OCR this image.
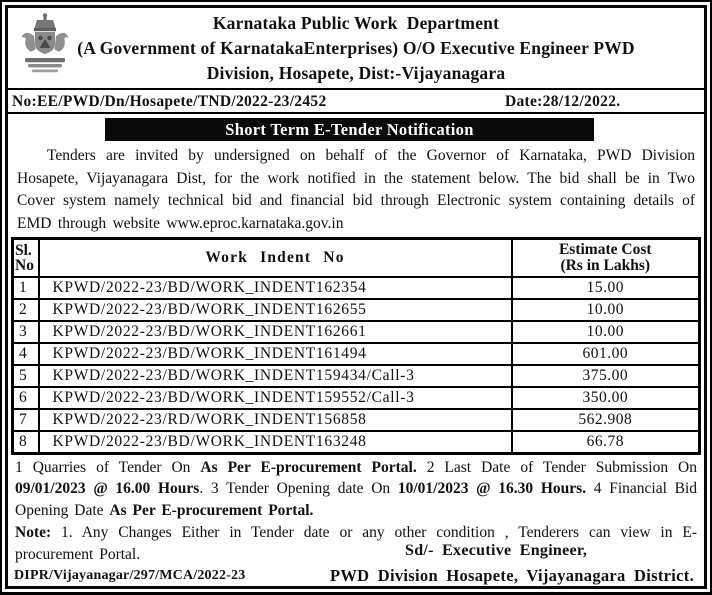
Karnataka Public Work  Department
(A Government of KarnatakaEnterprises) O/O Executive Engineer PWD
Division, Hosapete, Dist:-Vijayanagara
No:EE/PWD/Dn/Hosapete/TND/2022-23/2452	Date:28/12/2022.
Short Term E-Tender Notification

Tenders are invited by undersigned on behalf of the Governor of Karnataka, PWD Division Hosapete, Vijayanagara Dist, for the work notified in the statement below. The bid shall be in Two Cover system namely technical bid and financial bid through Electronic system containing details of EMD through website www.eproc.karnataka.gov.in

Sl.
No	Work Indent No	Estimate Cost
(Rs in Lakhs)

1	KPWD/2022-23/BD/WORK_INDENT162354	15.00
2	KPWD/2022-23/BD/WORK_INDENT162655	10.00
3	KPWD/2022-23/BD/WORK_INDENT162661	10.00
4	KPWD/2022-23/BD/WORK_INDENT161494	601.00
5	KPWD/2022-23/BD/WORK_INDENT159434/Call-3	375.00
6	KPWD/2022-23/BD/WORK_INDENT159552/Call-3	350.00
7	KPWD/2022-23/RD/WORK_INDENT156858	562.908
8	KPWD/2022-23/BD/WORK_INDENT163248	66.78

1 Quarries of Tender On As Per E-procurement Portal. 2 Last Date of Tender Submission On 09/01/2023 @ 16.00 Hours. 3 Tender Opening date On 10/01/2023 @ 16.30 Hours. 4 Financial Bid Opening Date As Per E-procurement Portal.

Note: 1. Any Changes Either in Tender date or any other condition , Tenderers can view in E-procurement Portal.	Sd/- Executive Engineer,
DIPR/Vijayanagar/297/MCA/2022-23	PWD Division Hosapete, Vijayanagara District.
